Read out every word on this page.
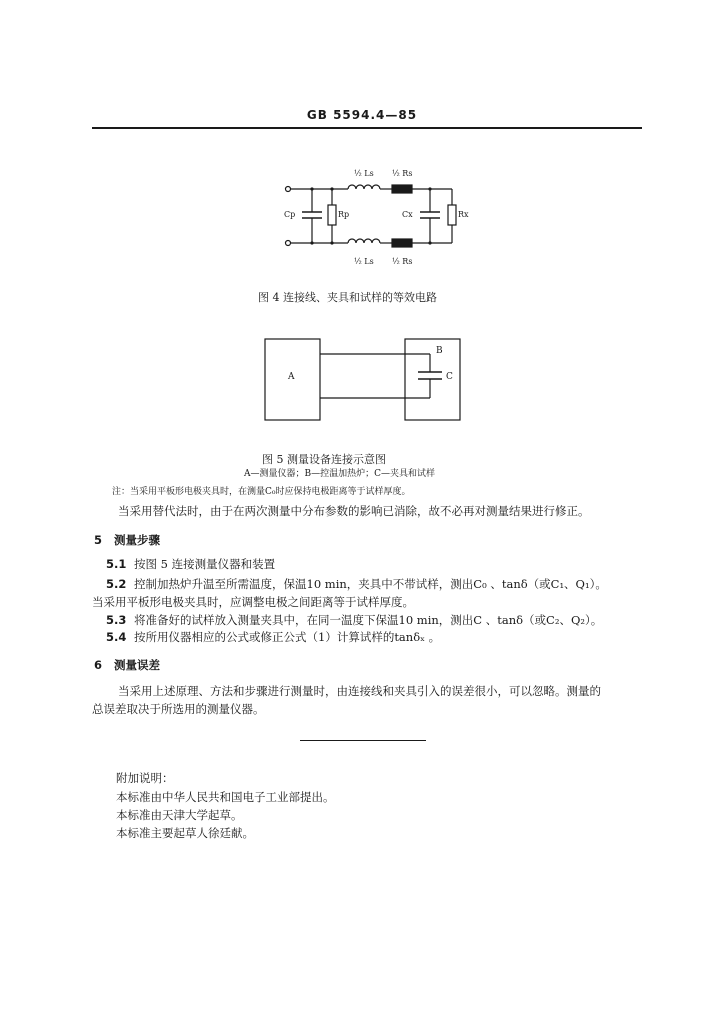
GB 5594.4—85
½ Ls ½ Rs
Cp	Rp	Cx	Rx
½ Ls ½ Rs
图 4 连接线、夹具和试样的等效电路
A
B
C
图 5 测量设备连接示意图
A—测量仪器；B—控温加热炉；C—夹具和试样
注：当采用平板形电极夹具时，在测量C₀时应保持电极距离等于试样厚度。
当采用替代法时，由于在两次测量中分布参数的影响已消除，故不必再对测量结果进行修正。
5 测量步骤
5.1 按图 5 连接测量仪器和装置
5.2 控制加热炉升温至所需温度，保温10 min，夹具中不带试样，测出C₀ 、tanδ（或C₁、Q₁）。
当采用平板形电极夹具时，应调整电极之间距离等于试样厚度。
5.3 将准备好的试样放入测量夹具中，在同一温度下保温10 min，测出C 、tanδ（或C₂、Q₂）。
5.4 按所用仪器相应的公式或修正公式（1）计算试样的tanδₓ 。
6 测量误差
当采用上述原理、方法和步骤进行测量时，由连接线和夹具引入的误差很小，可以忽略。测量的
总误差取决于所选用的测量仪器。
附加说明：
本标准由中华人民共和国电子工业部提出。
本标准由天津大学起草。
本标准主要起草人徐廷献。
